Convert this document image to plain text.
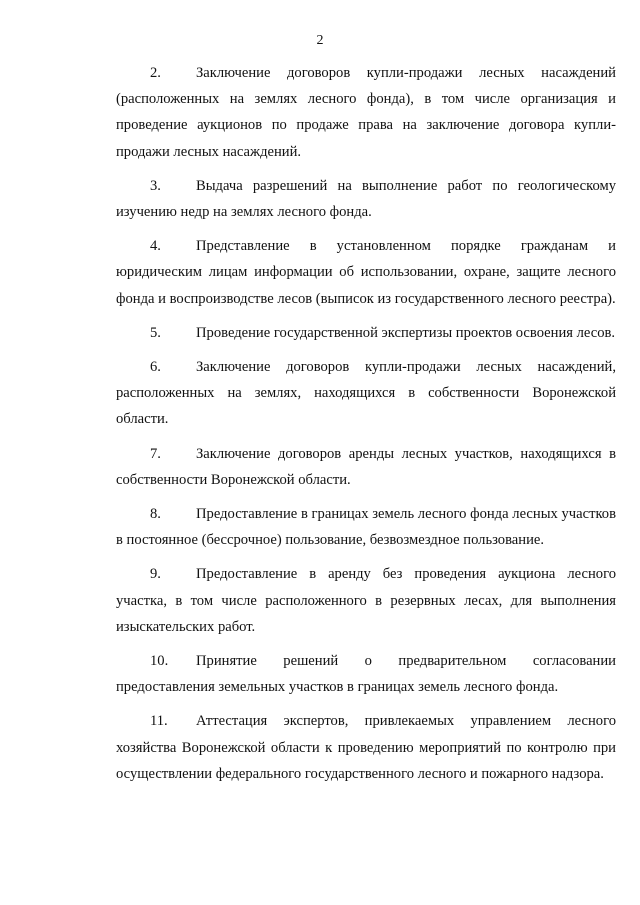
2

2. Заключение договоров купли-продажи лесных насаждений (расположенных на землях лесного фонда), в том числе организация и проведение аукционов по продаже права на заключение договора купли-продажи лесных насаждений.

3. Выдача разрешений на выполнение работ по геологическому изучению недр на землях лесного фонда.

4. Представление в установленном порядке гражданам и юридическим лицам информации об использовании, охране, защите лесного фонда и воспроизводстве лесов (выписок из государственного лесного реестра).

5. Проведение государственной экспертизы проектов освоения лесов.

6. Заключение договоров купли-продажи лесных насаждений, расположенных на землях, находящихся в собственности Воронежской области.

7. Заключение договоров аренды лесных участков, находящихся в собственности Воронежской области.

8. Предоставление в границах земель лесного фонда лесных участков в постоянное (бессрочное) пользование, безвозмездное пользование.

9. Предоставление в аренду без проведения аукциона лесного участка, в том числе расположенного в резервных лесах, для выполнения изыскательских работ.

10. Принятие решений о предварительном согласовании предоставления земельных участков в границах земель лесного фонда.

11. Аттестация экспертов, привлекаемых управлением лесного хозяйства Воронежской области к проведению мероприятий по контролю при осуществлении федерального государственного лесного и пожарного надзора.
